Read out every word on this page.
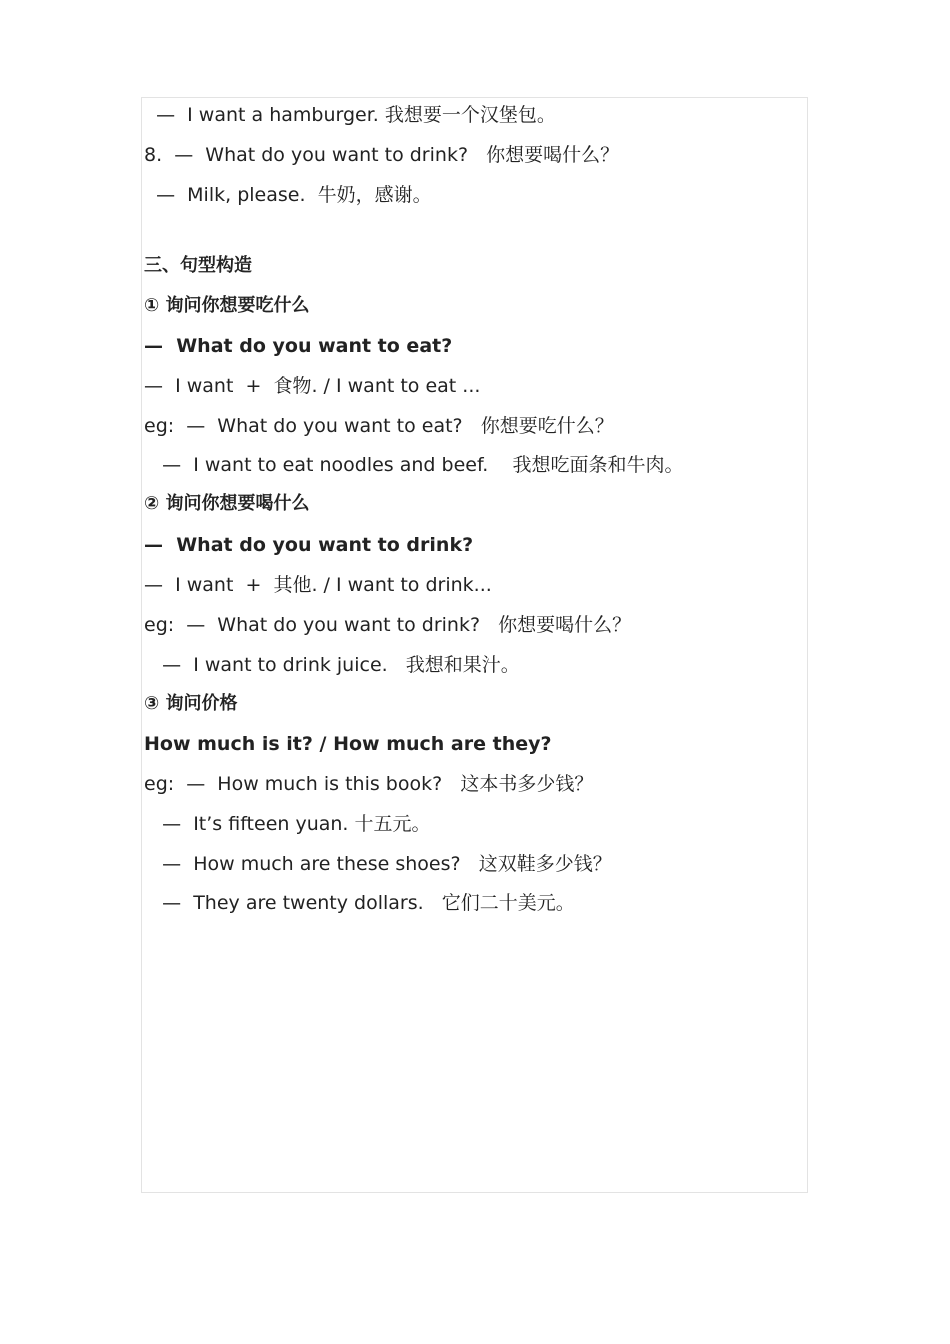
—  I want a hamburger. 我想要一个汉堡包。
8.  —  What do you want to drink?   你想要喝什么？
—  Milk, please.  牛奶，感谢。
三、句型构造
① 询问你想要吃什么
—  What do you want to eat?
—  I want  +  食物. / I want to eat ...
eg:  —  What do you want to eat?   你想要吃什么？
—  I want to eat noodles and beef.    我想吃面条和牛肉。
② 询问你想要喝什么
—  What do you want to drink?
—  I want  +  其他. / I want to drink...
eg:  —  What do you want to drink?   你想要喝什么？
—  I want to drink juice.   我想和果汁。
③ 询问价格
How much is it? / How much are they?
eg:  —  How much is this book?   这本书多少钱？
—  It’s fifteen yuan. 十五元。
—  How much are these shoes?   这双鞋多少钱？
—  They are twenty dollars.   它们二十美元。
